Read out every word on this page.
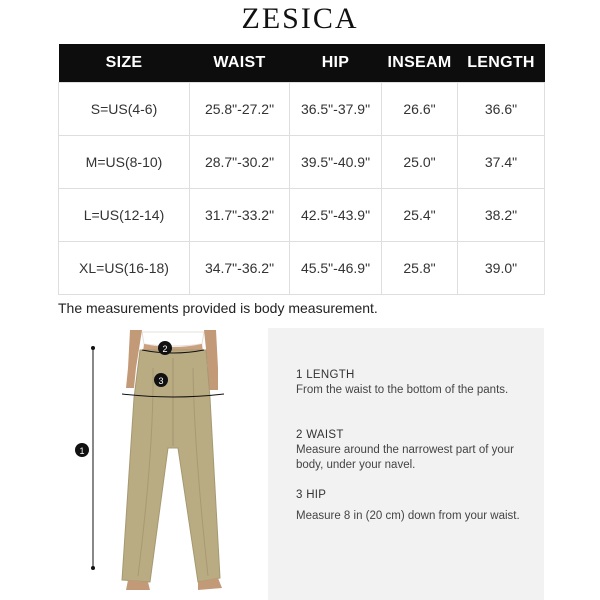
ZESICA
SIZE	WAIST	HIP	INSEAM	LENGTH
S=US(4-6)	25.8"-27.2"	36.5"-37.9"	26.6"	36.6"
M=US(8-10)	28.7"-30.2"	39.5"-40.9"	25.0"	37.4"
L=US(12-14)	31.7"-33.2"	42.5"-43.9"	25.4"	38.2"
XL=US(16-18)	34.7"-36.2"	45.5"-46.9"	25.8"	39.0"
The measurements provided is body measurement.
1
2
3	1 LENGTH
From the waist to the bottom of the pants.
2 WAIST
Measure around the narrowest part of your body, under your navel.
3 HIP
Measure 8 in (20 cm) down from your waist.
